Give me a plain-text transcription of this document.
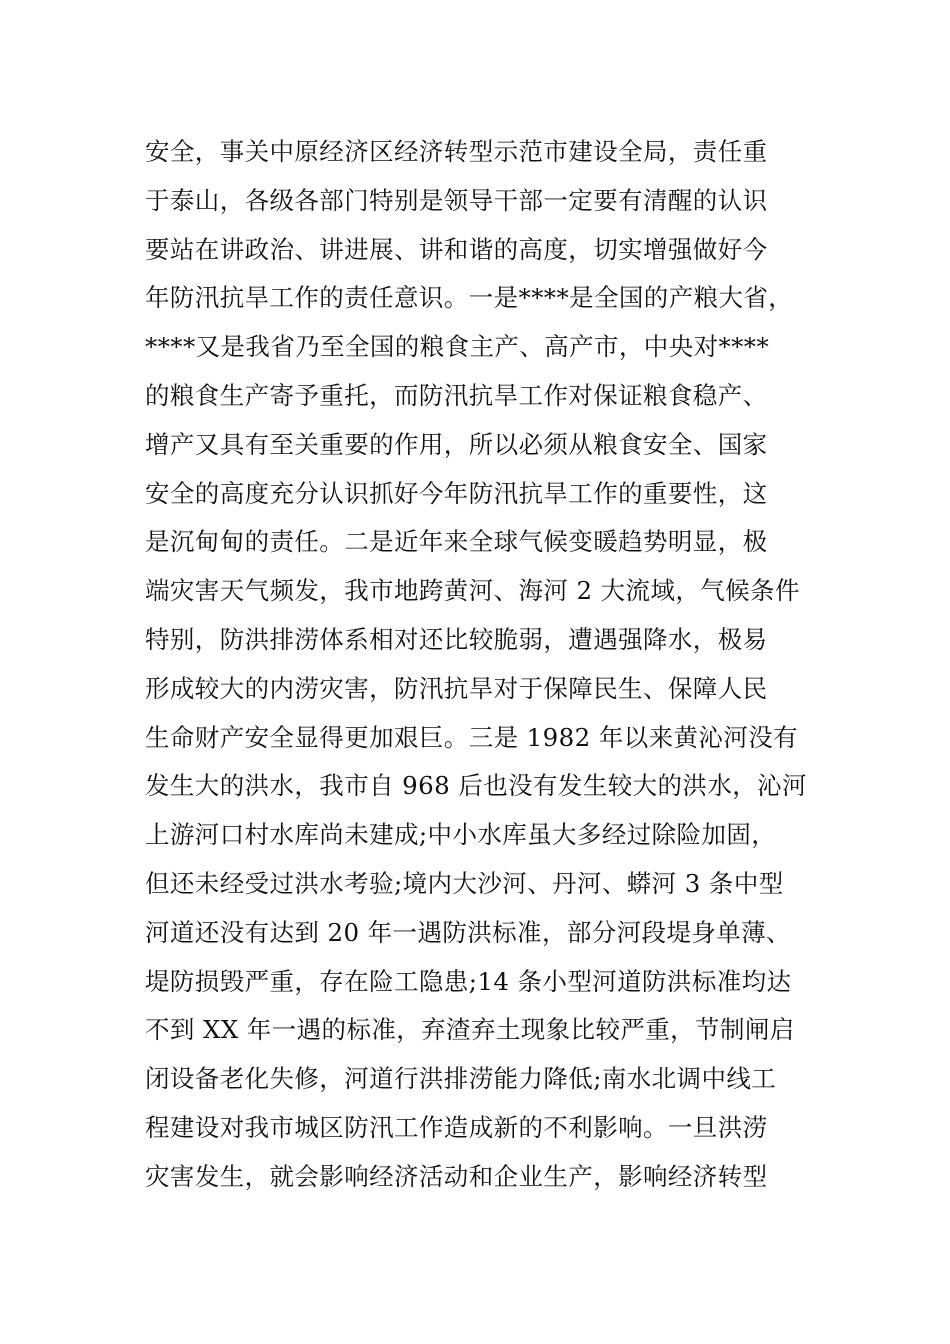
安全，事关中原经济区经济转型示范市建设全局，责任重
于泰山，各级各部门特别是领导干部一定要有清醒的认识
要站在讲政治、讲进展、讲和谐的高度，切实增强做好今
年防汛抗旱工作的责任意识。一是****是全国的产粮大省，
****又是我省乃至全国的粮食主产、高产市，中央对****
的粮食生产寄予重托，而防汛抗旱工作对保证粮食稳产、
增产又具有至关重要的作用，所以必须从粮食安全、国家
安全的高度充分认识抓好今年防汛抗旱工作的重要性，这
是沉甸甸的责任。二是近年来全球气候变暖趋势明显，极
端灾害天气频发，我市地跨黄河、海河 2 大流域，气候条件
特别，防洪排涝体系相对还比较脆弱，遭遇强降水，极易
形成较大的内涝灾害，防汛抗旱对于保障民生、保障人民
生命财产安全显得更加艰巨。三是 1982 年以来黄沁河没有
发生大的洪水，我市自 968 后也没有发生较大的洪水，沁河
上游河口村水库尚未建成;中小水库虽大多经过除险加固，
但还未经受过洪水考验;境内大沙河、丹河、蟒河 3 条中型
河道还没有达到 20 年一遇防洪标准，部分河段堤身单薄、
堤防损毁严重，存在险工隐患;14 条小型河道防洪标准均达
不到 XX 年一遇的标准，弃渣弃土现象比较严重，节制闸启
闭设备老化失修，河道行洪排涝能力降低;南水北调中线工
程建设对我市城区防汛工作造成新的不利影响。一旦洪涝
灾害发生，就会影响经济活动和企业生产，影响经济转型
